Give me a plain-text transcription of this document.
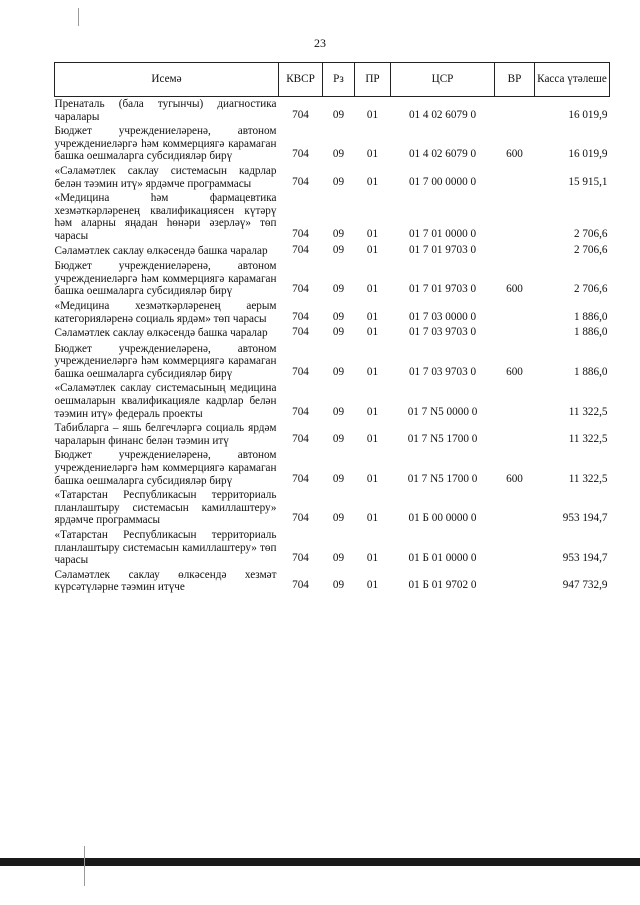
23
Исемә	КВСР	Рз	ПР	ЦСР	ВР	Касса үтәлеше
Пренаталь (бала тугынчы) диагностика чаралары	704	09	01	01 4 02 6079 0		16 019,9
Бюджет учреждениеләренә, автоном учреждениеләргә һәм коммерциягә карамаган башка оешмаларга субсидияләр бирү	704	09	01	01 4 02 6079 0	600	16 019,9
«Сәламәтлек саклау системасын кадрлар белән тәэмин итү» ярдәмче программасы	704	09	01	01 7 00 0000 0		15 915,1
«Медицина һәм фармацевтика хезмәткәрләренең квалификациясен күтәрү һәм аларны яңадан һөнәри әзерләү» төп чарасы	704	09	01	01 7 01 0000 0		2 706,6
Сәламәтлек саклау өлкәсендә башка чаралар	704	09	01	01 7 01 9703 0		2 706,6
Бюджет учреждениеләренә, автоном учреждениеләргә һәм коммерциягә карамаган башка оешмаларга субсидияләр бирү	704	09	01	01 7 01 9703 0	600	2 706,6
«Медицина хезмәткәрләренең аерым категорияләренә социаль ярдәм» төп чарасы	704	09	01	01 7 03 0000 0		1 886,0
Сәламәтлек саклау өлкәсендә башка чаралар	704	09	01	01 7 03 9703 0		1 886,0
Бюджет учреждениеләренә, автоном учреждениеләргә һәм коммерциягә карамаган башка оешмаларга субсидияләр бирү	704	09	01	01 7 03 9703 0	600	1 886,0
«Сәламәтлек саклау системасының медицина оешмаларын квалификацияле кадрлар белән тәэмин итү» федераль проекты	704	09	01	01 7 N5 0000 0		11 322,5
Табибларга – яшь белгечләргә социаль ярдәм чараларын финанс белән тәэмин итү	704	09	01	01 7 N5 1700 0		11 322,5
Бюджет учреждениеләренә, автоном учреждениеләргә һәм коммерциягә карамаган башка оешмаларга субсидияләр бирү	704	09	01	01 7 N5 1700 0	600	11 322,5
«Татарстан Республикасын территориаль планлаштыру системасын камиллаштеру» ярдәмче программасы	704	09	01	01 Б 00 0000 0		953 194,7
«Татарстан Республикасын территориаль планлаштыру системасын камиллаштеру» төп чарасы	704	09	01	01 Б 01 0000 0		953 194,7
Сәламәтлек саклау өлкәсендә хезмәт күрсәтүләрне тәэмин итүче	704	09	01	01 Б 01 9702 0		947 732,9
